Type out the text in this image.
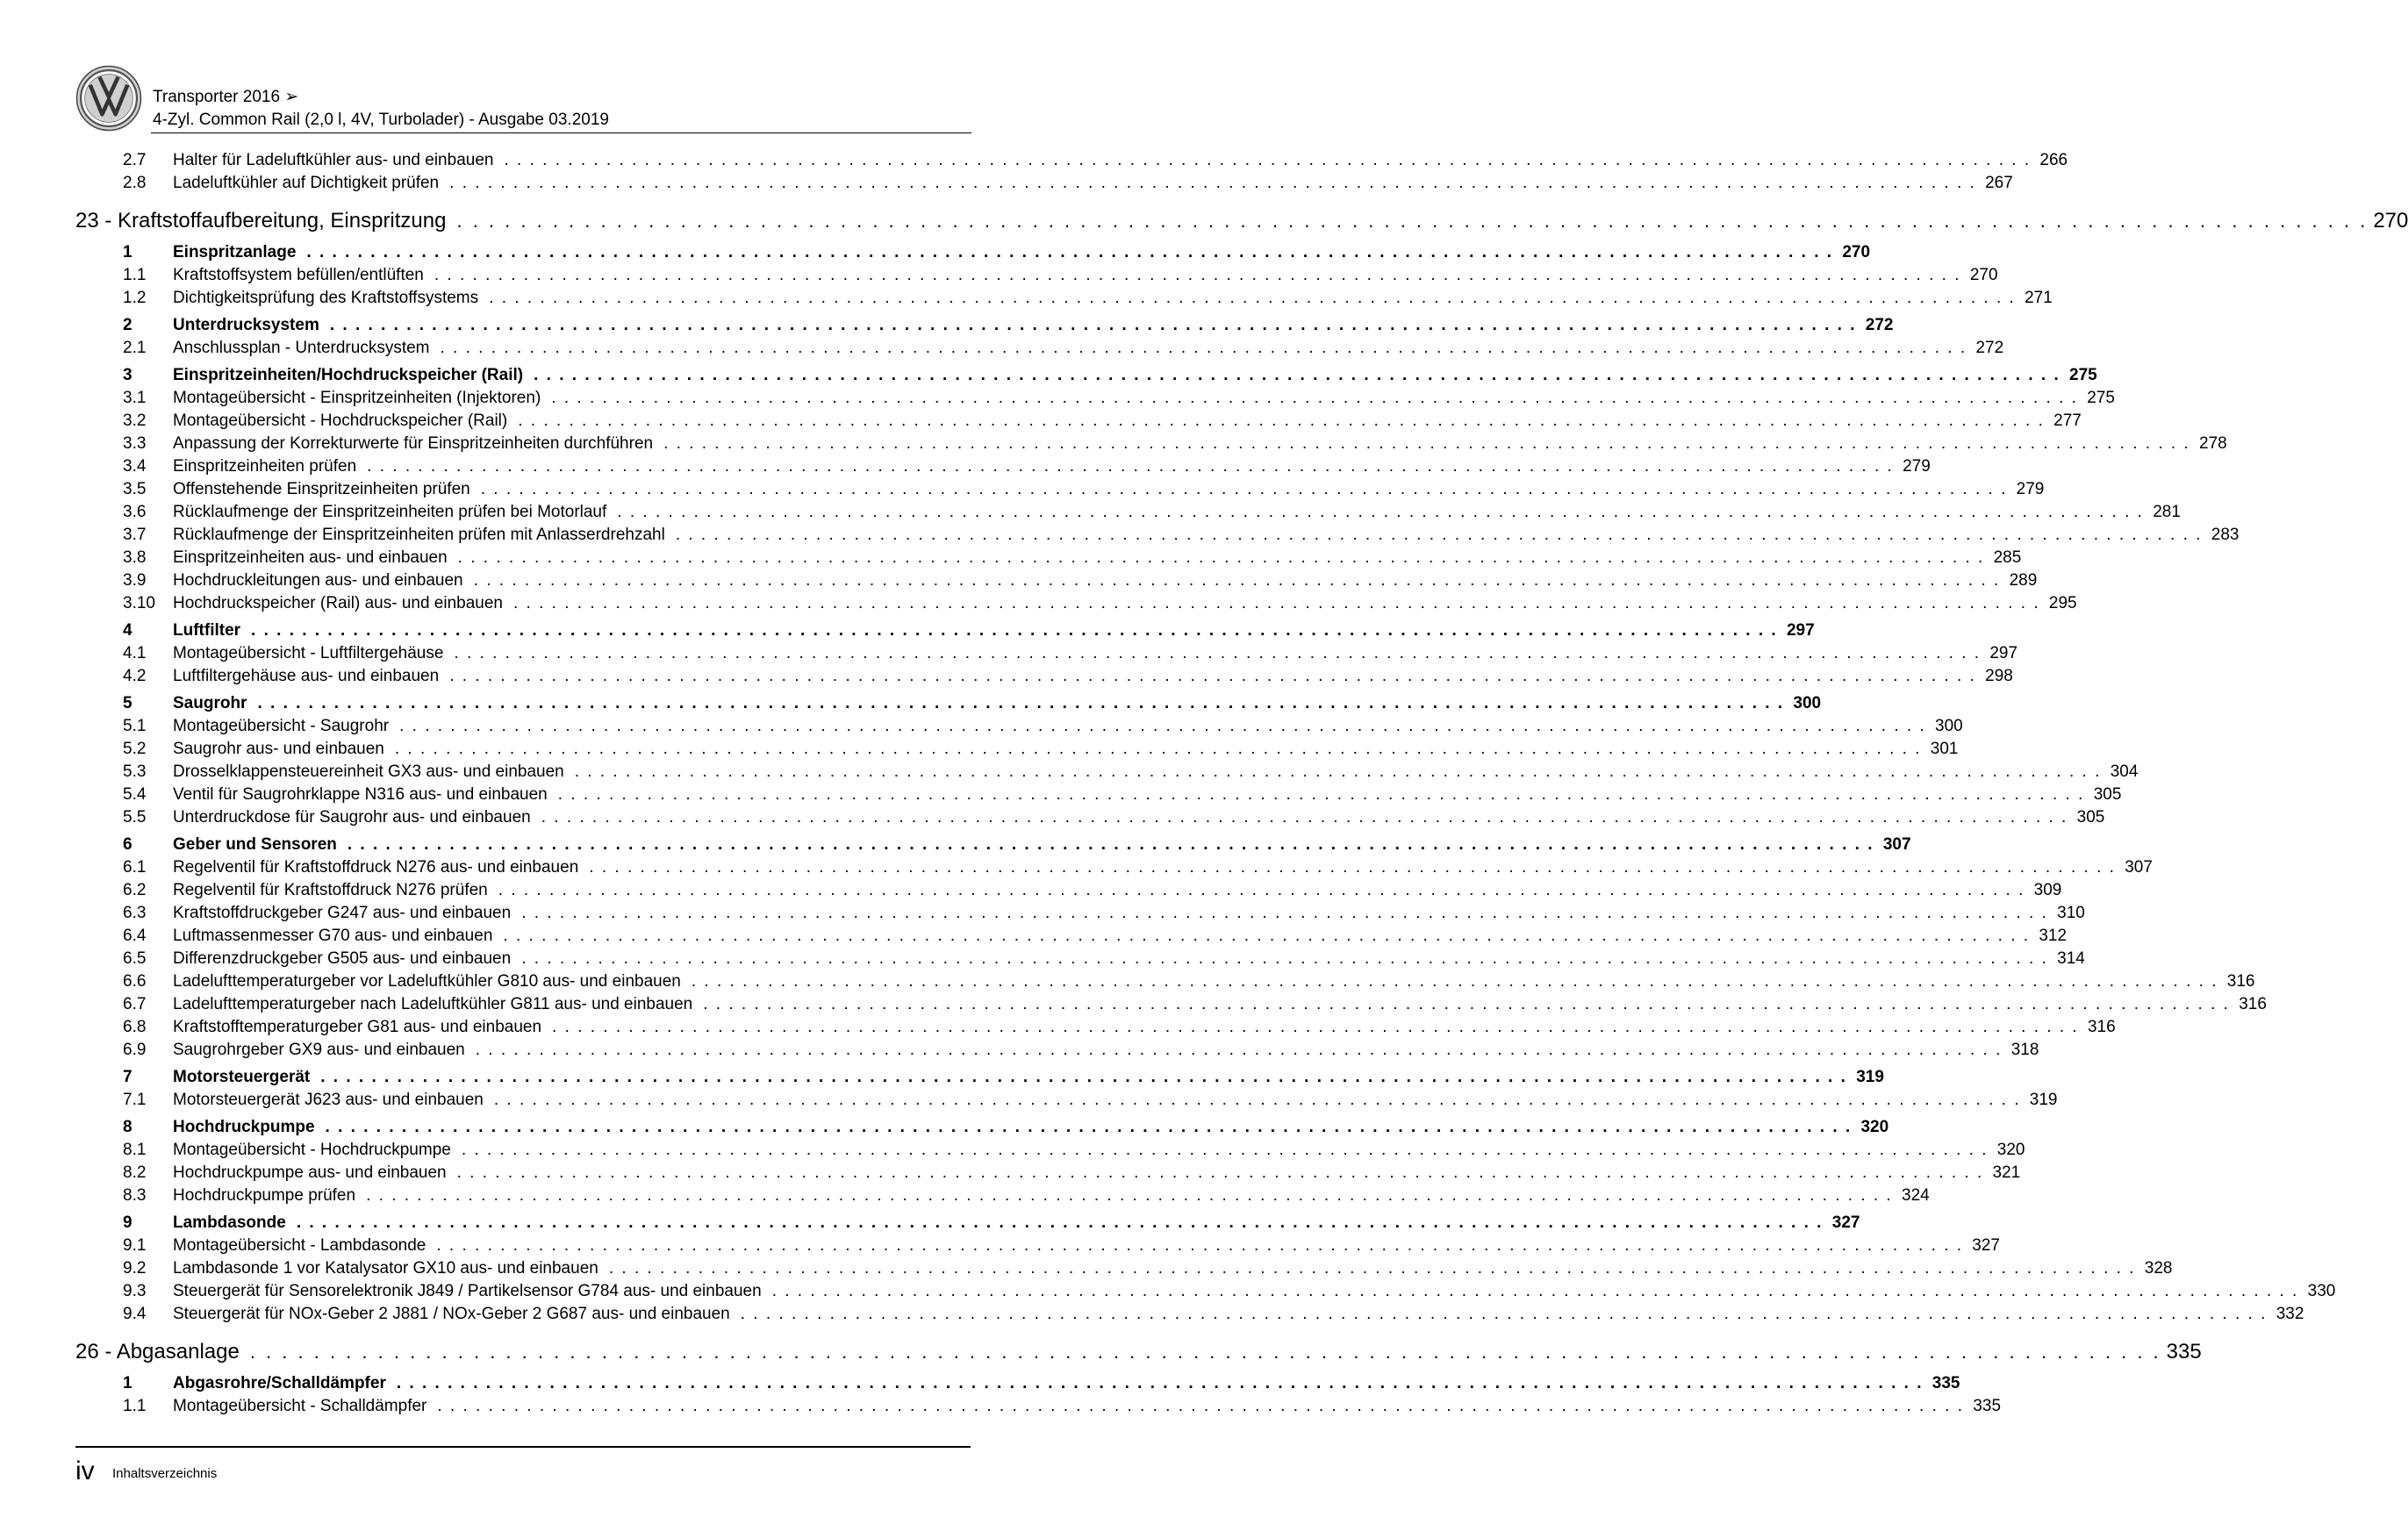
Transporter 2016 ➢
4-Zyl. Common Rail (2,0 l, 4V, Turbolader) - Ausgabe 03.2019
2.7	Halter für Ladeluftkühler aus- und einbauen . . . . . . . . . . . . . . . . . . . . . . . . . . . . . . . . . . . . . . . . . . . . . . . . . . . . . . . . . . . . . . . . . . . . . . . . . . . . . . . . . . . . . . . . . . . . . . . . . . . . . . . . . . . . . . . . . . . . . . . . 266
2.8	Ladeluftkühler auf Dichtigkeit prüfen . . . . . . . . . . . . . . . . . . . . . . . . . . . . . . . . . . . . . . . . . . . . . . . . . . . . . . . . . . . . . . . . . . . . . . . . . . . . . . . . . . . . . . . . . . . . . . . . . . . . . . . . . . . . . . . . . . . . . . . . 267
23 - Kraftstoffaufbereitung, Einspritzung . . . . . . . . . . . . . . . . . . . . . . . . . . . . . . . . . . . . . . . . . . . . . . . . . . . . . . . . . . . . . . . . . . . . . . . . . . . . . . . . . . . . . . . . . . . . . . . . . . . . . . . . . . . . . . . . . . . . . . . . 270
1	Einspritzanlage . . . . . . . . . . . . . . . . . . . . . . . . . . . . . . . . . . . . . . . . . . . . . . . . . . . . . . . . . . . . . . . . . . . . . . . . . . . . . . . . . . . . . . . . . . . . . . . . . . . . . . . . . . . . . . . . . . . . . . . . 270
1.1	Kraftstoffsystem befüllen/entlüften . . . . . . . . . . . . . . . . . . . . . . . . . . . . . . . . . . . . . . . . . . . . . . . . . . . . . . . . . . . . . . . . . . . . . . . . . . . . . . . . . . . . . . . . . . . . . . . . . . . . . . . . . . . . . . . . . . . . . . . . 270
1.2	Dichtigkeitsprüfung des Kraftstoffsystems . . . . . . . . . . . . . . . . . . . . . . . . . . . . . . . . . . . . . . . . . . . . . . . . . . . . . . . . . . . . . . . . . . . . . . . . . . . . . . . . . . . . . . . . . . . . . . . . . . . . . . . . . . . . . . . . . . . . . . . . 271
2	Unterdrucksystem . . . . . . . . . . . . . . . . . . . . . . . . . . . . . . . . . . . . . . . . . . . . . . . . . . . . . . . . . . . . . . . . . . . . . . . . . . . . . . . . . . . . . . . . . . . . . . . . . . . . . . . . . . . . . . . . . . . . . . . . 272
2.1	Anschlussplan - Unterdrucksystem . . . . . . . . . . . . . . . . . . . . . . . . . . . . . . . . . . . . . . . . . . . . . . . . . . . . . . . . . . . . . . . . . . . . . . . . . . . . . . . . . . . . . . . . . . . . . . . . . . . . . . . . . . . . . . . . . . . . . . . . 272
3	Einspritzeinheiten/Hochdruckspeicher (Rail) . . . . . . . . . . . . . . . . . . . . . . . . . . . . . . . . . . . . . . . . . . . . . . . . . . . . . . . . . . . . . . . . . . . . . . . . . . . . . . . . . . . . . . . . . . . . . . . . . . . . . . . . . . . . . . . . . . . . . . . . 275
3.1	Montageübersicht - Einspritzeinheiten (Injektoren) . . . . . . . . . . . . . . . . . . . . . . . . . . . . . . . . . . . . . . . . . . . . . . . . . . . . . . . . . . . . . . . . . . . . . . . . . . . . . . . . . . . . . . . . . . . . . . . . . . . . . . . . . . . . . . . . . . . . . . . . 275
3.2	Montageübersicht - Hochdruckspeicher (Rail) . . . . . . . . . . . . . . . . . . . . . . . . . . . . . . . . . . . . . . . . . . . . . . . . . . . . . . . . . . . . . . . . . . . . . . . . . . . . . . . . . . . . . . . . . . . . . . . . . . . . . . . . . . . . . . . . . . . . . . . . 277
3.3	Anpassung der Korrekturwerte für Einspritzeinheiten durchführen . . . . . . . . . . . . . . . . . . . . . . . . . . . . . . . . . . . . . . . . . . . . . . . . . . . . . . . . . . . . . . . . . . . . . . . . . . . . . . . . . . . . . . . . . . . . . . . . . . . . . . . . . . . . . . . . . . . . . . . . 278
3.4	Einspritzeinheiten prüfen . . . . . . . . . . . . . . . . . . . . . . . . . . . . . . . . . . . . . . . . . . . . . . . . . . . . . . . . . . . . . . . . . . . . . . . . . . . . . . . . . . . . . . . . . . . . . . . . . . . . . . . . . . . . . . . . . . . . . . . . 279
3.5	Offenstehende Einspritzeinheiten prüfen . . . . . . . . . . . . . . . . . . . . . . . . . . . . . . . . . . . . . . . . . . . . . . . . . . . . . . . . . . . . . . . . . . . . . . . . . . . . . . . . . . . . . . . . . . . . . . . . . . . . . . . . . . . . . . . . . . . . . . . . 279
3.6	Rücklaufmenge der Einspritzeinheiten prüfen bei Motorlauf . . . . . . . . . . . . . . . . . . . . . . . . . . . . . . . . . . . . . . . . . . . . . . . . . . . . . . . . . . . . . . . . . . . . . . . . . . . . . . . . . . . . . . . . . . . . . . . . . . . . . . . . . . . . . . . . . . . . . . . . 281
3.7	Rücklaufmenge der Einspritzeinheiten prüfen mit Anlasserdrehzahl . . . . . . . . . . . . . . . . . . . . . . . . . . . . . . . . . . . . . . . . . . . . . . . . . . . . . . . . . . . . . . . . . . . . . . . . . . . . . . . . . . . . . . . . . . . . . . . . . . . . . . . . . . . . . . . . . . . . . . . . 283
3.8	Einspritzeinheiten aus- und einbauen . . . . . . . . . . . . . . . . . . . . . . . . . . . . . . . . . . . . . . . . . . . . . . . . . . . . . . . . . . . . . . . . . . . . . . . . . . . . . . . . . . . . . . . . . . . . . . . . . . . . . . . . . . . . . . . . . . . . . . . . 285
3.9	Hochdruckleitungen aus- und einbauen . . . . . . . . . . . . . . . . . . . . . . . . . . . . . . . . . . . . . . . . . . . . . . . . . . . . . . . . . . . . . . . . . . . . . . . . . . . . . . . . . . . . . . . . . . . . . . . . . . . . . . . . . . . . . . . . . . . . . . . . 289
3.10	Hochdruckspeicher (Rail) aus- und einbauen . . . . . . . . . . . . . . . . . . . . . . . . . . . . . . . . . . . . . . . . . . . . . . . . . . . . . . . . . . . . . . . . . . . . . . . . . . . . . . . . . . . . . . . . . . . . . . . . . . . . . . . . . . . . . . . . . . . . . . . . 295
4	Luftfilter . . . . . . . . . . . . . . . . . . . . . . . . . . . . . . . . . . . . . . . . . . . . . . . . . . . . . . . . . . . . . . . . . . . . . . . . . . . . . . . . . . . . . . . . . . . . . . . . . . . . . . . . . . . . . . . . . . . . . . . . 297
4.1	Montageübersicht - Luftfiltergehäuse . . . . . . . . . . . . . . . . . . . . . . . . . . . . . . . . . . . . . . . . . . . . . . . . . . . . . . . . . . . . . . . . . . . . . . . . . . . . . . . . . . . . . . . . . . . . . . . . . . . . . . . . . . . . . . . . . . . . . . . . 297
4.2	Luftfiltergehäuse aus- und einbauen . . . . . . . . . . . . . . . . . . . . . . . . . . . . . . . . . . . . . . . . . . . . . . . . . . . . . . . . . . . . . . . . . . . . . . . . . . . . . . . . . . . . . . . . . . . . . . . . . . . . . . . . . . . . . . . . . . . . . . . . 298
5	Saugrohr . . . . . . . . . . . . . . . . . . . . . . . . . . . . . . . . . . . . . . . . . . . . . . . . . . . . . . . . . . . . . . . . . . . . . . . . . . . . . . . . . . . . . . . . . . . . . . . . . . . . . . . . . . . . . . . . . . . . . . . . 300
5.1	Montageübersicht - Saugrohr . . . . . . . . . . . . . . . . . . . . . . . . . . . . . . . . . . . . . . . . . . . . . . . . . . . . . . . . . . . . . . . . . . . . . . . . . . . . . . . . . . . . . . . . . . . . . . . . . . . . . . . . . . . . . . . . . . . . . . . . 300
5.2	Saugrohr aus- und einbauen . . . . . . . . . . . . . . . . . . . . . . . . . . . . . . . . . . . . . . . . . . . . . . . . . . . . . . . . . . . . . . . . . . . . . . . . . . . . . . . . . . . . . . . . . . . . . . . . . . . . . . . . . . . . . . . . . . . . . . . . 301
5.3	Drosselklappensteuereinheit GX3 aus- und einbauen . . . . . . . . . . . . . . . . . . . . . . . . . . . . . . . . . . . . . . . . . . . . . . . . . . . . . . . . . . . . . . . . . . . . . . . . . . . . . . . . . . . . . . . . . . . . . . . . . . . . . . . . . . . . . . . . . . . . . . . . 304
5.4	Ventil für Saugrohrklappe N316 aus- und einbauen . . . . . . . . . . . . . . . . . . . . . . . . . . . . . . . . . . . . . . . . . . . . . . . . . . . . . . . . . . . . . . . . . . . . . . . . . . . . . . . . . . . . . . . . . . . . . . . . . . . . . . . . . . . . . . . . . . . . . . . . 305
5.5	Unterdruckdose für Saugrohr aus- und einbauen . . . . . . . . . . . . . . . . . . . . . . . . . . . . . . . . . . . . . . . . . . . . . . . . . . . . . . . . . . . . . . . . . . . . . . . . . . . . . . . . . . . . . . . . . . . . . . . . . . . . . . . . . . . . . . . . . . . . . . . . 305
6	Geber und Sensoren . . . . . . . . . . . . . . . . . . . . . . . . . . . . . . . . . . . . . . . . . . . . . . . . . . . . . . . . . . . . . . . . . . . . . . . . . . . . . . . . . . . . . . . . . . . . . . . . . . . . . . . . . . . . . . . . . . . . . . . . 307
6.1	Regelventil für Kraftstoffdruck N276 aus- und einbauen . . . . . . . . . . . . . . . . . . . . . . . . . . . . . . . . . . . . . . . . . . . . . . . . . . . . . . . . . . . . . . . . . . . . . . . . . . . . . . . . . . . . . . . . . . . . . . . . . . . . . . . . . . . . . . . . . . . . . . . . 307
6.2	Regelventil für Kraftstoffdruck N276 prüfen . . . . . . . . . . . . . . . . . . . . . . . . . . . . . . . . . . . . . . . . . . . . . . . . . . . . . . . . . . . . . . . . . . . . . . . . . . . . . . . . . . . . . . . . . . . . . . . . . . . . . . . . . . . . . . . . . . . . . . . . 309
6.3	Kraftstoffdruckgeber G247 aus- und einbauen . . . . . . . . . . . . . . . . . . . . . . . . . . . . . . . . . . . . . . . . . . . . . . . . . . . . . . . . . . . . . . . . . . . . . . . . . . . . . . . . . . . . . . . . . . . . . . . . . . . . . . . . . . . . . . . . . . . . . . . . 310
6.4	Luftmassenmesser G70 aus- und einbauen . . . . . . . . . . . . . . . . . . . . . . . . . . . . . . . . . . . . . . . . . . . . . . . . . . . . . . . . . . . . . . . . . . . . . . . . . . . . . . . . . . . . . . . . . . . . . . . . . . . . . . . . . . . . . . . . . . . . . . . . 312
6.5	Differenzdruckgeber G505 aus- und einbauen . . . . . . . . . . . . . . . . . . . . . . . . . . . . . . . . . . . . . . . . . . . . . . . . . . . . . . . . . . . . . . . . . . . . . . . . . . . . . . . . . . . . . . . . . . . . . . . . . . . . . . . . . . . . . . . . . . . . . . . . 314
6.6	Ladelufttemperaturgeber vor Ladeluftkühler G810 aus- und einbauen . . . . . . . . . . . . . . . . . . . . . . . . . . . . . . . . . . . . . . . . . . . . . . . . . . . . . . . . . . . . . . . . . . . . . . . . . . . . . . . . . . . . . . . . . . . . . . . . . . . . . . . . . . . . . . . . . . . . . . . . 316
6.7	Ladelufttemperaturgeber nach Ladeluftkühler G811 aus- und einbauen . . . . . . . . . . . . . . . . . . . . . . . . . . . . . . . . . . . . . . . . . . . . . . . . . . . . . . . . . . . . . . . . . . . . . . . . . . . . . . . . . . . . . . . . . . . . . . . . . . . . . . . . . . . . . . . . . . . . . . . . 316
6.8	Kraftstofftemperaturgeber G81 aus- und einbauen . . . . . . . . . . . . . . . . . . . . . . . . . . . . . . . . . . . . . . . . . . . . . . . . . . . . . . . . . . . . . . . . . . . . . . . . . . . . . . . . . . . . . . . . . . . . . . . . . . . . . . . . . . . . . . . . . . . . . . . . 316
6.9	Saugrohrgeber GX9 aus- und einbauen . . . . . . . . . . . . . . . . . . . . . . . . . . . . . . . . . . . . . . . . . . . . . . . . . . . . . . . . . . . . . . . . . . . . . . . . . . . . . . . . . . . . . . . . . . . . . . . . . . . . . . . . . . . . . . . . . . . . . . . . 318
7	Motorsteuergerät . . . . . . . . . . . . . . . . . . . . . . . . . . . . . . . . . . . . . . . . . . . . . . . . . . . . . . . . . . . . . . . . . . . . . . . . . . . . . . . . . . . . . . . . . . . . . . . . . . . . . . . . . . . . . . . . . . . . . . . . 319
7.1	Motorsteuergerät J623 aus- und einbauen . . . . . . . . . . . . . . . . . . . . . . . . . . . . . . . . . . . . . . . . . . . . . . . . . . . . . . . . . . . . . . . . . . . . . . . . . . . . . . . . . . . . . . . . . . . . . . . . . . . . . . . . . . . . . . . . . . . . . . . . 319
8	Hochdruckpumpe . . . . . . . . . . . . . . . . . . . . . . . . . . . . . . . . . . . . . . . . . . . . . . . . . . . . . . . . . . . . . . . . . . . . . . . . . . . . . . . . . . . . . . . . . . . . . . . . . . . . . . . . . . . . . . . . . . . . . . . . 320
8.1	Montageübersicht - Hochdruckpumpe . . . . . . . . . . . . . . . . . . . . . . . . . . . . . . . . . . . . . . . . . . . . . . . . . . . . . . . . . . . . . . . . . . . . . . . . . . . . . . . . . . . . . . . . . . . . . . . . . . . . . . . . . . . . . . . . . . . . . . . . 320
8.2	Hochdruckpumpe aus- und einbauen . . . . . . . . . . . . . . . . . . . . . . . . . . . . . . . . . . . . . . . . . . . . . . . . . . . . . . . . . . . . . . . . . . . . . . . . . . . . . . . . . . . . . . . . . . . . . . . . . . . . . . . . . . . . . . . . . . . . . . . . 321
8.3	Hochdruckpumpe prüfen . . . . . . . . . . . . . . . . . . . . . . . . . . . . . . . . . . . . . . . . . . . . . . . . . . . . . . . . . . . . . . . . . . . . . . . . . . . . . . . . . . . . . . . . . . . . . . . . . . . . . . . . . . . . . . . . . . . . . . . . 324
9	Lambdasonde . . . . . . . . . . . . . . . . . . . . . . . . . . . . . . . . . . . . . . . . . . . . . . . . . . . . . . . . . . . . . . . . . . . . . . . . . . . . . . . . . . . . . . . . . . . . . . . . . . . . . . . . . . . . . . . . . . . . . . . . 327
9.1	Montageübersicht - Lambdasonde . . . . . . . . . . . . . . . . . . . . . . . . . . . . . . . . . . . . . . . . . . . . . . . . . . . . . . . . . . . . . . . . . . . . . . . . . . . . . . . . . . . . . . . . . . . . . . . . . . . . . . . . . . . . . . . . . . . . . . . . 327
9.2	Lambdasonde 1 vor Katalysator GX10 aus- und einbauen . . . . . . . . . . . . . . . . . . . . . . . . . . . . . . . . . . . . . . . . . . . . . . . . . . . . . . . . . . . . . . . . . . . . . . . . . . . . . . . . . . . . . . . . . . . . . . . . . . . . . . . . . . . . . . . . . . . . . . . . 328
9.3	Steuergerät für Sensorelektronik J849 / Partikelsensor G784 aus- und einbauen . . . . . . . . . . . . . . . . . . . . . . . . . . . . . . . . . . . . . . . . . . . . . . . . . . . . . . . . . . . . . . . . . . . . . . . . . . . . . . . . . . . . . . . . . . . . . . . . . . . . . . . . . . . . . . . . . . . . . . . . 330
9.4	Steuergerät für NOx-Geber 2 J881 / NOx-Geber 2 G687 aus- und einbauen . . . . . . . . . . . . . . . . . . . . . . . . . . . . . . . . . . . . . . . . . . . . . . . . . . . . . . . . . . . . . . . . . . . . . . . . . . . . . . . . . . . . . . . . . . . . . . . . . . . . . . . . . . . . . . . . . . . . . . . . 332
26 - Abgasanlage . . . . . . . . . . . . . . . . . . . . . . . . . . . . . . . . . . . . . . . . . . . . . . . . . . . . . . . . . . . . . . . . . . . . . . . . . . . . . . . . . . . . . . . . . . . . . . . . . . . . . . . . . . . . . . . . . . . . . . . . 335
1	Abgasrohre/Schalldämpfer . . . . . . . . . . . . . . . . . . . . . . . . . . . . . . . . . . . . . . . . . . . . . . . . . . . . . . . . . . . . . . . . . . . . . . . . . . . . . . . . . . . . . . . . . . . . . . . . . . . . . . . . . . . . . . . . . . . . . . . . 335
1.1	Montageübersicht - Schalldämpfer . . . . . . . . . . . . . . . . . . . . . . . . . . . . . . . . . . . . . . . . . . . . . . . . . . . . . . . . . . . . . . . . . . . . . . . . . . . . . . . . . . . . . . . . . . . . . . . . . . . . . . . . . . . . . . . . . . . . . . . . 335
iv Inhaltsverzeichnis
